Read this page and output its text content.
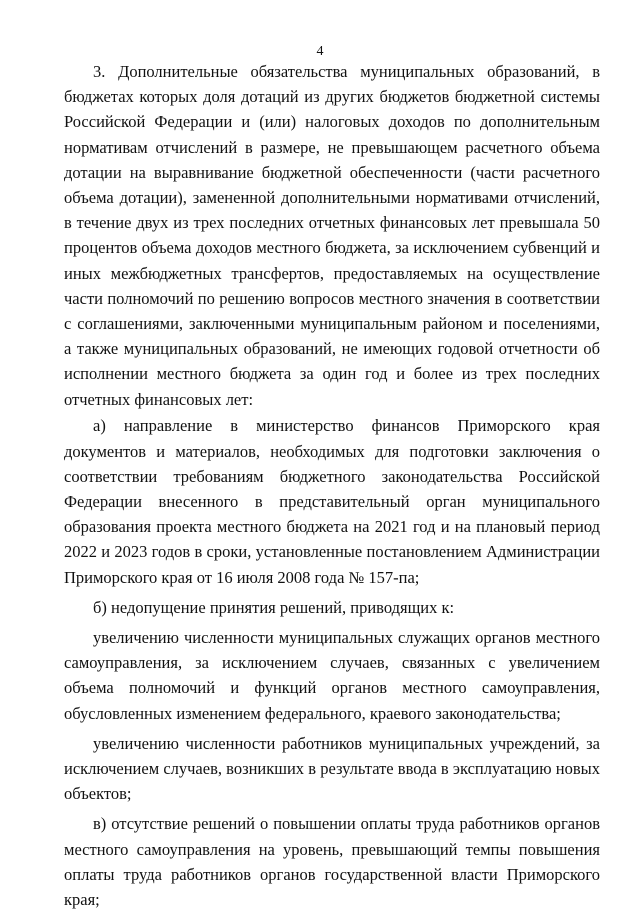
4

3. Дополнительные обязательства муниципальных образований, в бюджетах которых доля дотаций из других бюджетов бюджетной системы Российской Федерации и (или) налоговых доходов по дополнительным нормативам отчислений в размере, не превышающем расчетного объема дотации на выравнивание бюджетной обеспеченности (части расчетного объема дотации), замененной дополнительными нормативами отчислений, в течение двух из трех последних отчетных финансовых лет превышала 50 процентов объема доходов местного бюджета, за исключением субвенций и иных межбюджетных трансфертов, предоставляемых на осуществление части полномочий по решению вопросов местного значения в соответствии с соглашениями, заключенными муниципальным районом и поселениями, а также муниципальных образований, не имеющих годовой отчетности об исполнении местного бюджета за один год и более из трех последних отчетных финансовых лет:

а) направление в министерство финансов Приморского края документов и материалов, необходимых для подготовки заключения о соответствии требованиям бюджетного законодательства Российской Федерации внесенного в представительный орган муниципального образования проекта местного бюджета на 2021 год и на плановый период 2022 и 2023 годов в сроки, установленные постановлением Администрации Приморского края от 16 июля 2008 года № 157-па;

б) недопущение принятия решений, приводящих к:

увеличению численности муниципальных служащих органов местного самоуправления, за исключением случаев, связанных с увеличением объема полномочий и функций органов местного самоуправления, обусловленных изменением федерального, краевого законодательства;

увеличению численности работников муниципальных учреждений, за исключением случаев, возникших в результате ввода в эксплуатацию новых объектов;

в) отсутствие решений о повышении оплаты труда работников органов местного самоуправления на уровень, превышающий темпы повышения оплаты труда работников органов государственной власти Приморского края;
